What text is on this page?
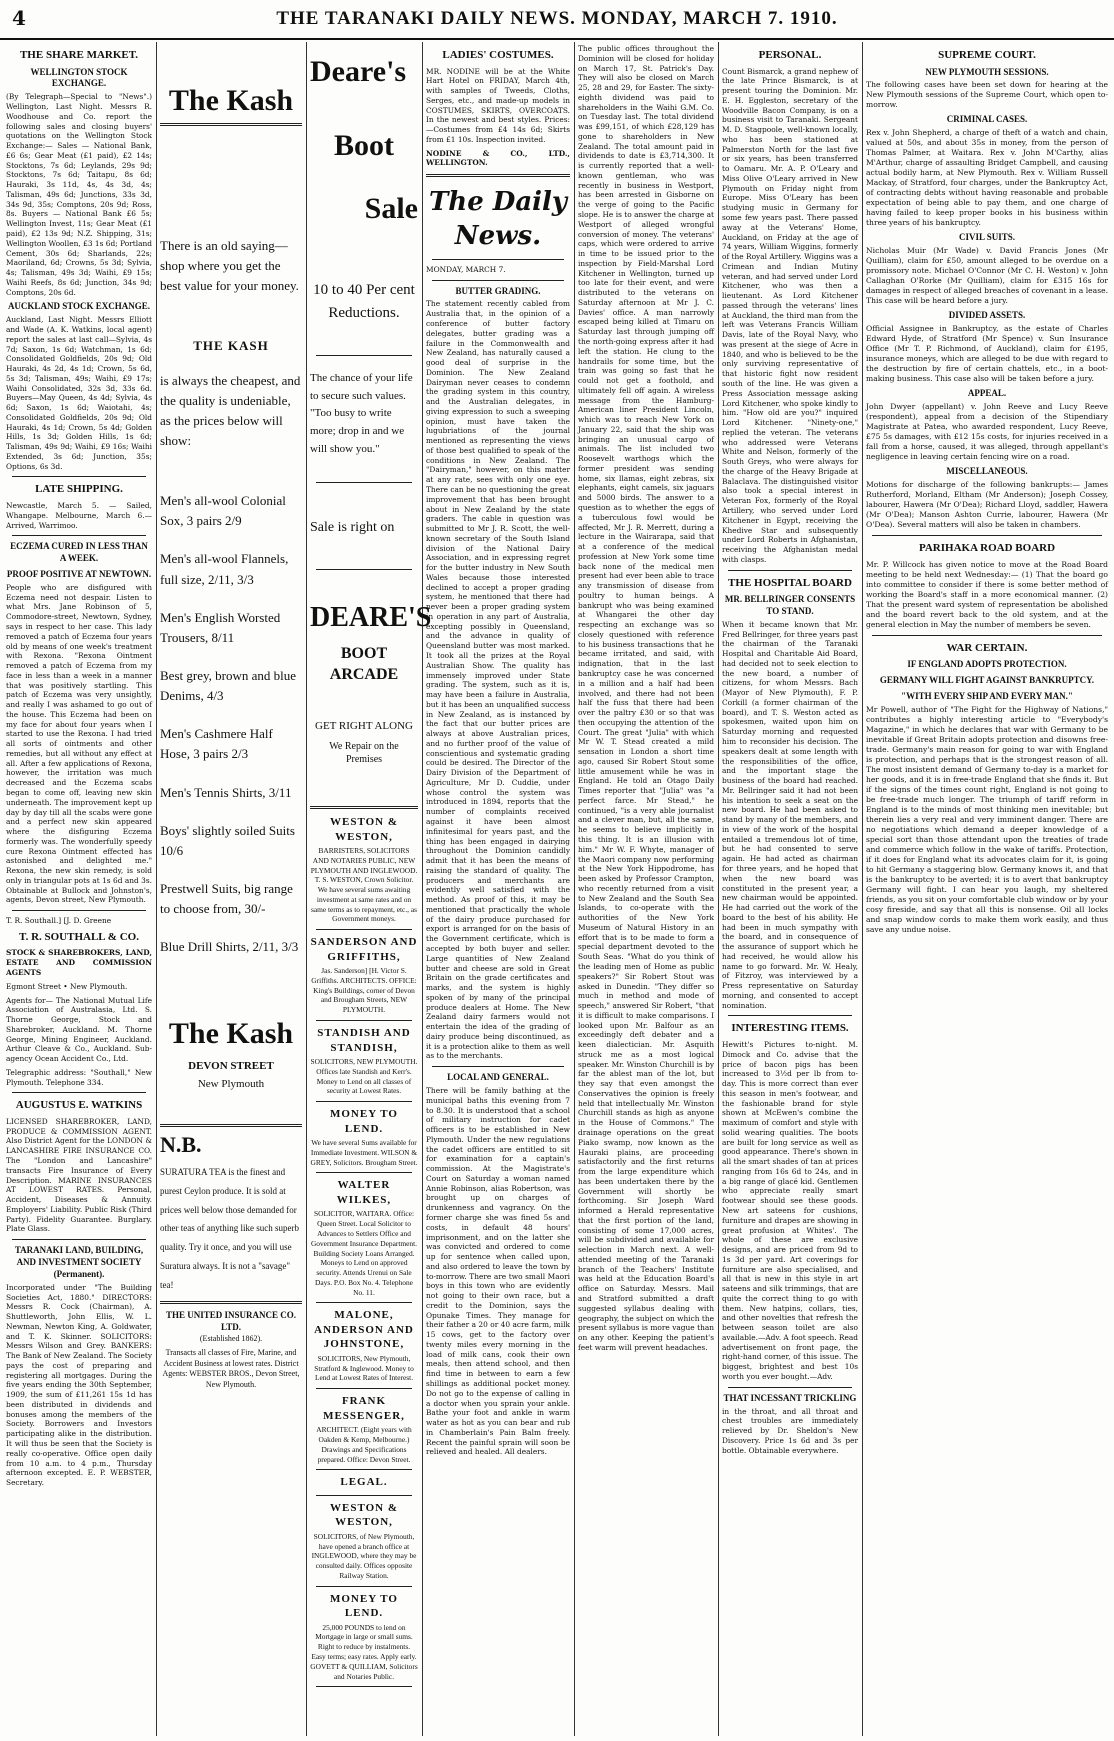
4	THE TARANAKI DAILY NEWS. MONDAY, MARCH 7. 1910.
THE SHARE MARKET.
WELLINGTON STOCK EXCHANGE.

(By Telegraph—Special to "News".) Wellington, Last Night. Messrs R. Woodhouse and Co. report the following sales and closing buyers' quotations on the Wellington Stock Exchange:— Sales — National Bank, £6 6s; Gear Meat (£1 paid), £2 14s; Stocktons, 7s 6d; Leylands, 29s 9d; Stocktons, 7s 6d; Taitapu, 8s 6d; Hauraki, 3s 11d, 4s, 4s 3d, 4s; Talisman, 49s 6d; Junctions, 33s 3d, 34s 9d, 35s; Comptons, 20s 9d; Ross, 8s. Buyers — National Bank £6 5s; Wellington Invest, 11s; Gear Meat (£1 paid), £2 13s 9d; N.Z. Shipping, 31s; Wellington Woollen, £3 1s 6d; Portland Cement, 30s 6d; Sharlands, 22s; Maoriland, 6d; Crowns, 5s 3d; Sylvia, 4s; Talisman, 49s 3d; Waihi, £9 15s; Waihi Reefs, 8s 6d; Junction, 34s 9d; Comptons, 20s 6d.

AUCKLAND STOCK EXCHANGE.

Auckland, Last Night. Messrs Elliott and Wade (A. K. Watkins, local agent) report the sales at last call—Sylvia, 4s 7d; Saxon, 1s 6d; Watchman, 1s 6d; Consolidated Goldfields, 20s 9d; Old Hauraki, 4s 2d, 4s 1d; Crown, 5s 6d, 5s 3d; Talisman, 49s; Waihi, £9 17s; Waihi Consolidated, 32s 3d, 33s 6d. Buyers—May Queen, 4s 4d; Sylvia, 4s 6d; Saxon, 1s 6d; Waiotahi, 4s; Consolidated Goldfields, 20s 9d; Old Hauraki, 4s 1d; Crown, 5s 4d; Golden Hills, 1s 3d; Golden Hills, 1s 6d; Talisman, 49s 9d; Waihi, £9 16s; Waihi Extended, 3s 6d; Junction, 35s; Options, 6s 3d.

LATE SHIPPING.

Newcastle, March 5. — Sailed, Whangape. Melbourne, March 6.—Arrived, Warrimoo.

ECZEMA CURED IN LESS THAN A WEEK.
PROOF POSITIVE AT NEWTOWN.

People who are disfigured with Eczema need not despair. Listen to what Mrs. Jane Robinson of 5, Commodore-street, Newtown, Sydney, says in respect to her case. This lady removed a patch of Eczema four years old by means of one week's treatment with Rexona. "Rexona Ointment removed a patch of Eczema from my face in less than a week in a manner that was positively startling. This patch of Eczema was very unsightly, and really I was ashamed to go out of the house. This Eczema had been on my face for about four years when I started to use the Rexona. I had tried all sorts of ointments and other remedies, but all without any effect at all. After a few applications of Rexona, however, the irritation was much decreased and the Eczema scabs began to come off, leaving new skin underneath. The improvement kept up day by day till all the scabs were gone and a perfect new skin appeared where the disfiguring Eczema formerly was. The wonderfully speedy cure Rexona Ointment effected has astonished and delighted me." Rexona, the new skin remedy, is sold only in triangular pots at 1s 6d and 3s. Obtainable at Bullock and Johnston's, agents, Devon street, New Plymouth.

T. R. Southall.] [J. D. Greene

T. R. SOUTHALL & CO.

STOCK & SHAREBROKERS, LAND, ESTATE AND COMMISSION AGENTS

Egmont Street • New Plymouth.

Agents for— The National Mutual Life Association of Australasia, Ltd. S. Thorne George, Stock and Sharebroker, Auckland. M. Thorne George, Mining Engineer, Auckland. Arthur Cleave & Co., Auckland. Sub-agency Ocean Accident Co., Ltd.

Telegraphic address: "Southall," New Plymouth. Telephone 334.

AUGUSTUS E. WATKINS

LICENSED SHAREBROKER, LAND, PRODUCE & COMMISSION AGENT. Also District Agent for the LONDON & LANCASHIRE FIRE INSURANCE CO. The "London and Lancashire" transacts Fire Insurance of Every Description. MARINE INSURANCES AT LOWEST RATES. Personal, Accident, Diseases & Annuity. Employers' Liability. Public Risk (Third Party). Fidelity Guarantee. Burglary. Plate Glass.

TARANAKI LAND, BUILDING, AND INVESTMENT SOCIETY (Permanent).

Incorporated under "The Building Societies Act, 1880." DIRECTORS: Messrs R. Cock (Chairman), A. Shuttleworth, John Ellis, W. L. Newman, Newton King, A. Goldwater, and T. K. Skinner. SOLICITORS: Messrs Wilson and Grey. BANKERS: The Bank of New Zealand. The Society pays the cost of preparing and registering all mortgages. During the five years ending the 30th September, 1909, the sum of £11,261 15s 1d has been distributed in dividends and bonuses among the members of the Society. Borrowers and Investors participating alike in the distribution. It will thus be seen that the Society is really co-operative. Office open daily from 10 a.m. to 4 p.m., Thursday afternoon excepted. E. P. WEBSTER, Secretary.

The Kash
There is an old saying—shop where you get the best value for your money.
THE KASH
is always the cheapest, and the quality is undeniable, as the prices below will show:
Men's all-wool Colonial Sox, 3 pairs 2/9
Men's all-wool Flannels, full size, 2/11, 3/3
Men's English Worsted Trousers, 8/11
Best grey, brown and blue Denims, 4/3
Men's Cashmere Half Hose, 3 pairs 2/3
Men's Tennis Shirts, 3/11
Boys' slightly soiled Suits 10/6
Prestwell Suits, big range to choose from, 30/-
Blue Drill Shirts, 2/11, 3/3
The Kash
DEVON STREET
New Plymouth
N.B.
SURATURA TEA is the finest and purest Ceylon produce. It is sold at prices well below those demanded for other teas of anything like such superb quality. Try it once, and you will use Suratura always. It is not a "savage" tea!
THE UNITED INSURANCE CO. LTD.
(Established 1862).
Transacts all classes of Fire, Marine, and Accident Business at lowest rates. District Agents: WEBSTER BROS., Devon Street, New Plymouth.
Deare's
Boot
Sale
10 to 40 Per cent Reductions.
The chance of your life to secure such values. "Too busy to write more; drop in and we will show you."
Sale is right on
DEARE'S
BOOT ARCADE
GET RIGHT ALONG
We Repair on the Premises

WESTON & WESTON,

BARRISTERS, SOLICITORS AND NOTARIES PUBLIC, NEW PLYMOUTH AND INGLEWOOD. T. S. WESTON, Crown Solicitor. We have several sums awaiting investment at same rates and on same terms as to repayment, etc., as Government moneys.

SANDERSON AND GRIFFITHS,

Jas. Sanderson] [H. Victor S. Griffiths. ARCHITECTS. OFFICE: King's Buildings, corner of Devon and Brougham Streets, NEW PLYMOUTH.

STANDISH AND STANDISH,

SOLICITORS, NEW PLYMOUTH. Offices late Standish and Kerr's. Money to Lend on all classes of security at Lowest Rates.

MONEY TO LEND.

We have several Sums available for Immediate Investment. WILSON & GREY, Solicitors. Brougham Street.

WALTER WILKES,

SOLICITOR, WAITARA. Office: Queen Street. Local Solicitor to Advances to Settlers Office and Government Insurance Department. Building Society Loans Arranged. Moneys to Lend on approved security. Attends Urenui on Sale Days. P.O. Box No. 4. Telephone No. 11.

MALONE, ANDERSON AND JOHNSTONE,

SOLICITORS, New Plymouth, Stratford & Inglewood. Money to Lend at Lowest Rates of Interest.

FRANK MESSENGER,

ARCHITECT. (Eight years with Oakden & Kemp, Melbourne.) Drawings and Specifications prepared. Office: Devon Street.

LEGAL.

WESTON & WESTON,

SOLICITORS, of New Plymouth, have opened a branch office at INGLEWOOD, where they may be consulted daily. Offices opposite Railway Station.

MONEY TO LEND.

25,000 POUNDS to lend on Mortgage in large or small sums. Right to reduce by instalments. Easy terms; easy rates. Apply early. GOVETT & QUILLIAM, Solicitors and Notaries Public.

LADIES' COSTUMES.

MR. NODINE will be at the White Hart Hotel on FRIDAY, March 4th, with samples of Tweeds, Cloths, Serges, etc., and made-up models in COSTUMES, SKIRTS, OVERCOATS. In the newest and best styles. Prices:—Costumes from £4 14s 6d; Skirts from £1 10s. Inspection invited.

NODINE & CO., LTD., WELLINGTON.

The Daily News.

MONDAY, MARCH 7.

BUTTER GRADING.

The statement recently cabled from Australia that, in the opinion of a conference of butter factory delegates, butter grading was a failure in the Commonwealth and New Zealand, has naturally caused a good deal of surprise in the Dominion. The New Zealand Dairyman never ceases to condemn the grading system in this country, and the Australian delegates, in giving expression to such a sweeping opinion, must have taken the lugubriations of the journal mentioned as representing the views of those best qualified to speak of the conditions in New Zealand. The "Dairyman," however, on this matter at any rate, sees with only one eye. There can be no questioning the great improvement that has been brought about in New Zealand by the state graders. The cable in question was submitted to Mr J. R. Scott, the well-known secretary of the South Island division of the National Dairy Association, and in expressing regret for the butter industry in New South Wales because those interested declined to accept a proper grading system, he mentioned that there had never been a proper grading system in operation in any part of Australia, excepting possibly in Queensland, and the advance in quality of Queensland butter was most marked. It took all the prizes at the Royal Australian Show. The quality has immensely improved under State grading. The system, such as it is, may have been a failure in Australia, but it has been an unqualified success in New Zealand, as is instanced by the fact that our butter prices are always at above Australian prices, and no further proof of the value of conscientious and systematic grading could be desired. The Director of the Dairy Division of the Department of Agriculture, Mr D. Cuddie, under whose control the system was introduced in 1894, reports that the number of complaints received against it have been almost infinitesimal for years past, and the thing has been engaged in dairying throughout the Dominion candidly admit that it has been the means of raising the standard of quality. The producers and merchants are evidently well satisfied with the method. As proof of this, it may be mentioned that practically the whole of the dairy produce purchased for export is arranged for on the basis of the Government certificate, which is accepted by both buyer and seller. Large quantities of New Zealand butter and cheese are sold in Great Britain on the grade certificates and marks, and the system is highly spoken of by many of the principal produce dealers at Home. The New Zealand dairy farmers would not entertain the idea of the grading of dairy produce being discontinued, as it is a protection alike to them as well as to the merchants.

LOCAL AND GENERAL.

There will be family bathing at the municipal baths this evening from 7 to 8.30. It is understood that a school of military instruction for cadet officers is to be established in New Plymouth. Under the new regulations the cadet officers are entitled to sit for examination for a captain's commission. At the Magistrate's Court on Saturday a woman named Annie Robinson, alias Robertson, was brought up on charges of drunkenness and vagrancy. On the former charge she was fined 5s and costs, in default 48 hours' imprisonment, and on the latter she was convicted and ordered to come up for sentence when called upon, and also ordered to leave the town by to-morrow. There are two small Maori boys in this town who are evidently not going to their own race, but a credit to the Dominion, says the Opunake Times. They manage for their father a 20 or 40 acre farm, milk 15 cows, get to the factory over twenty miles every morning in the load of milk cans, cook their own meals, then attend school, and then find time in between to earn a few shillings as additional pocket money. Do not go to the expense of calling in a doctor when you sprain your ankle. Bathe your foot and ankle in warm water as hot as you can bear and rub in Chamberlain's Pain Balm freely. Recent the painful sprain will soon be relieved and healed. All dealers.

The public offices throughout the Dominion will be closed for holiday on March 17, St. Patrick's Day. They will also be closed on March 25, 28 and 29, for Easter. The sixty-eighth dividend was paid to shareholders in the Waihi G.M. Co. on Tuesday last. The total dividend was £99,151, of which £28,129 has gone to shareholders in New Zealand. The total amount paid in dividends to date is £3,714,300. It is currently reported that a well-known gentleman, who was recently in business in Westport, has been arrested in Gisborne on the verge of going to the Pacific slope. He is to answer the charge at Westport of alleged wrongful conversion of money. The veterans' caps, which were ordered to arrive in time to be issued prior to the inspection by Field-Marshal Lord Kitchener in Wellington, turned up too late for their event, and were distributed to the veterans on Saturday afternoon at Mr J. C. Davies' office. A man narrowly escaped being killed at Timaru on Saturday last through jumping off the north-going express after it had left the station. He clung to the handrails for some time, but the train was going so fast that he could not get a foothold, and ultimately fell off again. A wireless message from the Hamburg-American liner President Lincoln, which was to reach New York on January 22, said that the ship was bringing an unusual cargo of animals. The list included two Roosevelt warthogs which the former president was sending home, six llamas, eight zebras, six elephants, eight camels, six jaguars and 5000 birds. The answer to a question as to whether the eggs of a tuberculous fowl would be affected, Mr J. R. Merrett, during a lecture in the Wairarapa, said that at a conference of the medical profession at New York some time back none of the medical men present had ever been able to trace any transmission of disease from poultry to human beings. A bankrupt who was being examined at Whangarei the other day respecting an exchange was so closely questioned with reference to his business transactions that he became irritated, and said, with indignation, that in the last bankruptcy case he was concerned in a million and a half had been involved, and there had not been half the fuss that there had been over the paltry £30 or so that was then occupying the attention of the Court. The great "Julia" with which Mr W. T. Stead created a mild sensation in London a short time ago, caused Sir Robert Stout some little amusement while he was in England. He told an Otago Daily Times reporter that "Julia" was "a perfect farce. Mr Stead," he continued, "is a very able journalist and a clever man, but, all the same, he seems to believe implicitly in this thing. It is an illusion with him." Mr W. F. Whyte, manager of the Maori company now performing at the New York Hippodrome, has been asked by Professor Crampton, who recently returned from a visit to New Zealand and the South Sea Islands, to co-operate with the authorities of the New York Museum of Natural History in an effort that is to be made to form a special department devoted to the South Seas. "What do you think of the leading men of Home as public speakers?" Sir Robert Stout was asked in Dunedin. "They differ so much in method and mode of speech," answered Sir Robert, "that it is difficult to make comparisons. I looked upon Mr. Balfour as an exceedingly deft debater and a keen dialectician. Mr. Asquith struck me as a most logical speaker. Mr. Winston Churchill is by far the ablest man of the lot, but they say that even amongst the Conservatives the opinion is freely held that intellectually Mr. Winston Churchill stands as high as anyone in the House of Commons." The drainage operations on the great Piako swamp, now known as the Hauraki plains, are proceeding satisfactorily and the first returns from the large expenditure which has been undertaken there by the Government will shortly be forthcoming. Sir Joseph Ward informed a Herald representative that the first portion of the land, consisting of some 17,000 acres, will be subdivided and available for selection in March next. A well-attended meeting of the Taranaki branch of the Teachers' Institute was held at the Education Board's office on Saturday. Messrs. Mail and Stratford submitted a draft suggested syllabus dealing with geography, the subject on which the present syllabus is more vague than on any other. Keeping the patient's feet warm will prevent headaches.

PERSONAL.

Count Bismarck, a grand nephew of the late Prince Bismarck, is at present touring the Dominion. Mr. E. H. Eggleston, secretary of the Woodville Bacon Company, is on a business visit to Taranaki. Sergeant M. D. Stagpoole, well-known locally, who has been stationed at Palmerston North for the last five or six years, has been transferred to Oamaru. Mr. A. P. O'Leary and Miss Olive O'Leary arrived in New Plymouth on Friday night from Europe. Miss O'Leary has been studying music in Germany for some few years past. There passed away at the Veterans' Home, Auckland, on Friday at the age of 74 years, William Wiggins, formerly of the Royal Artillery. Wiggins was a Crimean and Indian Mutiny veteran, and had served under Lord Kitchener, who was then a lieutenant. As Lord Kitchener passed through the veterans' lines at Auckland, the third man from the left was Veterans Francis William Davis, late of the Royal Navy, who was present at the siege of Acre in 1840, and who is believed to be the only surviving representative of that historic fight now resident south of the line. He was given a Press Association message asking Lord Kitchener, who spoke kindly to him. "How old are you?" inquired Lord Kitchener. "Ninety-one," replied the veteran. The veterans who addressed were Veterans White and Nelson, formerly of the South Greys, who were always for the charge of the Heavy Brigade at Balaclava. The distinguished visitor also took a special interest in Veteran Fox, formerly of the Royal Artillery, who served under Lord Kitchener in Egypt, receiving the Khedive Star and subsequently under Lord Roberts in Afghanistan, receiving the Afghanistan medal with clasps.

THE HOSPITAL BOARD
MR. BELLRINGER CONSENTS TO STAND.

When it became known that Mr. Fred Bellringer, for three years past the chairman of the Taranaki Hospital and Charitable Aid Board, had decided not to seek election to the new board, a number of citizens, for whom Messrs. Bach (Mayor of New Plymouth), F. P. Corkill (a former chairman of the board), and T. S. Weston acted as spokesmen, waited upon him on Saturday morning and requested him to reconsider his decision. The speakers dealt at some length with the responsibilities of the office, and the important stage the business of the board had reached. Mr. Bellringer said it had not been his intention to seek a seat on the new board. He had been asked to stand by many of the members, and in view of the work of the hospital entailed a tremendous lot of time, but he had consented to serve again. He had acted as chairman for three years, and he hoped that when the new board was constituted in the present year, a new chairman would be appointed. He had carried out the work of the board to the best of his ability. He had been in much sympathy with the board, and in consequence of the assurance of support which he had received, he would allow his name to go forward. Mr. W. Healy, of Fitzroy, was interviewed by a Press representative on Saturday morning, and consented to accept nomination.

INTERESTING ITEMS.

Hewitt's Pictures to-night. M. Dimock and Co. advise that the price of bacon pigs has been increased to 3½d per lb from to-day. This is more correct than ever this season in men's footwear, and the fashionable brand for style shown at McEwen's combine the maximum of comfort and style with solid wearing qualities. The boots are built for long service as well as good appearance. There's shown in all the smart shades of tan at prices ranging from 16s 6d to 24s, and in a big range of glacé kid. Gentlemen who appreciate really smart footwear should see these goods. New art sateens for cushions, furniture and drapes are showing in great profusion at Whites'. The whole of these are exclusive designs, and are priced from 9d to 1s 3d per yard. Art coverings for furniture are also specialised, and all that is new in this style in art sateens and silk trimmings, that are quite the correct thing to go with them. New hatpins, collars, ties, and other novelties that refresh the between season toilet are also available.—Adv. A foot speech. Read advertisement on front page, the right-hand corner, of this issue. The biggest, brightest and best 10s worth you ever bought.—Adv.

THAT INCESSANT TRICKLING

in the throat, and all throat and chest troubles are immediately relieved by Dr. Sheldon's New Discovery. Price 1s 6d and 3s per bottle. Obtainable everywhere.

SUPREME COURT.
NEW PLYMOUTH SESSIONS.

The following cases have been set down for hearing at the New Plymouth sessions of the Supreme Court, which open to-morrow.

CRIMINAL CASES.

Rex v. John Shepherd, a charge of theft of a watch and chain, valued at 50s, and about 35s in money, from the person of Thomas Palmer, at Waitara. Rex v. John M'Carthy, alias M'Arthur, charge of assaulting Bridget Campbell, and causing actual bodily harm, at New Plymouth. Rex v. William Russell Mackay, of Stratford, four charges, under the Bankruptcy Act, of contracting debts without having reasonable and probable expectation of being able to pay them, and one charge of having failed to keep proper books in his business within three years of his bankruptcy.

CIVIL SUITS.

Nicholas Muir (Mr Wade) v. David Francis Jones (Mr Quilliam), claim for £50, amount alleged to be overdue on a promissory note. Michael O'Connor (Mr C. H. Weston) v. John Callaghan O'Rorke (Mr Quilliam), claim for £315 16s for damages in respect of alleged breaches of covenant in a lease. This case will be heard before a jury.

DIVIDED ASSETS.

Official Assignee in Bankruptcy, as the estate of Charles Edward Hyde, of Stratford (Mr Spence) v. Sun Insurance Office (Mr T. P. Richmond, of Auckland), claim for £195, insurance moneys, which are alleged to be due with regard to the destruction by fire of certain chattels, etc., in a boot-making business. This case also will be taken before a jury.

APPEAL.

John Dwyer (appellant) v. John Reeve and Lucy Reeve (respondent), appeal from a decision of the Stipendiary Magistrate at Patea, who awarded respondent, Lucy Reeve, £75 5s damages, with £12 15s costs, for injuries received in a fall from a horse, caused, it was alleged, through appellant's negligence in leaving certain fencing wire on a road.

MISCELLANEOUS.

Motions for discharge of the following bankrupts:— James Rutherford, Morland, Eltham (Mr Anderson); Joseph Cossey, labourer, Hawera (Mr O'Dea); Richard Lloyd, saddler, Hawera (Mr O'Dea); Manson Ashton Currie, labourer, Hawera (Mr O'Dea). Several matters will also be taken in chambers.

PARIHAKA ROAD BOARD

Mr. P. Willcock has given notice to move at the Road Board meeting to be held next Wednesday:— (1) That the board go into committee to consider if there is some better method of working the Board's staff in a more economical manner. (2) That the present ward system of representation be abolished and the board revert back to the old system, and at the general election in May the number of members be seven.

WAR CERTAIN.
IF ENGLAND ADOPTS PROTECTION.
GERMANY WILL FIGHT AGAINST BANKRUPTCY.
"WITH EVERY SHIP AND EVERY MAN."

Mr Powell, author of "The Fight for the Highway of Nations," contributes a highly interesting article to "Everybody's Magazine," in which he declares that war with Germany to be inevitable if Great Britain adopts protection and disowns free-trade. Germany's main reason for going to war with England is protection, and perhaps that is the strongest reason of all. The most insistent demand of Germany to-day is a market for her goods, and it is in free-trade England that she finds it. But if the signs of the times count right, England is not going to be free-trade much longer. The triumph of tariff reform in England is to the minds of most thinking men inevitable; but therein lies a very real and very imminent danger. There are no negotiations which demand a deeper knowledge of a special sort than those attendant upon the treaties of trade and commerce which follow in the wake of tariffs. Protection, if it does for England what its advocates claim for it, is going to hit Germany a staggering blow. Germany knows it, and that is the bankruptcy to be averted; it is to avert that bankruptcy Germany will fight. I can hear you laugh, my sheltered friends, as you sit on your comfortable club window or by your cosy fireside, and say that all this is nonsense. Oil all locks and snap window cords to make them work easily, and thus save any undue noise.
